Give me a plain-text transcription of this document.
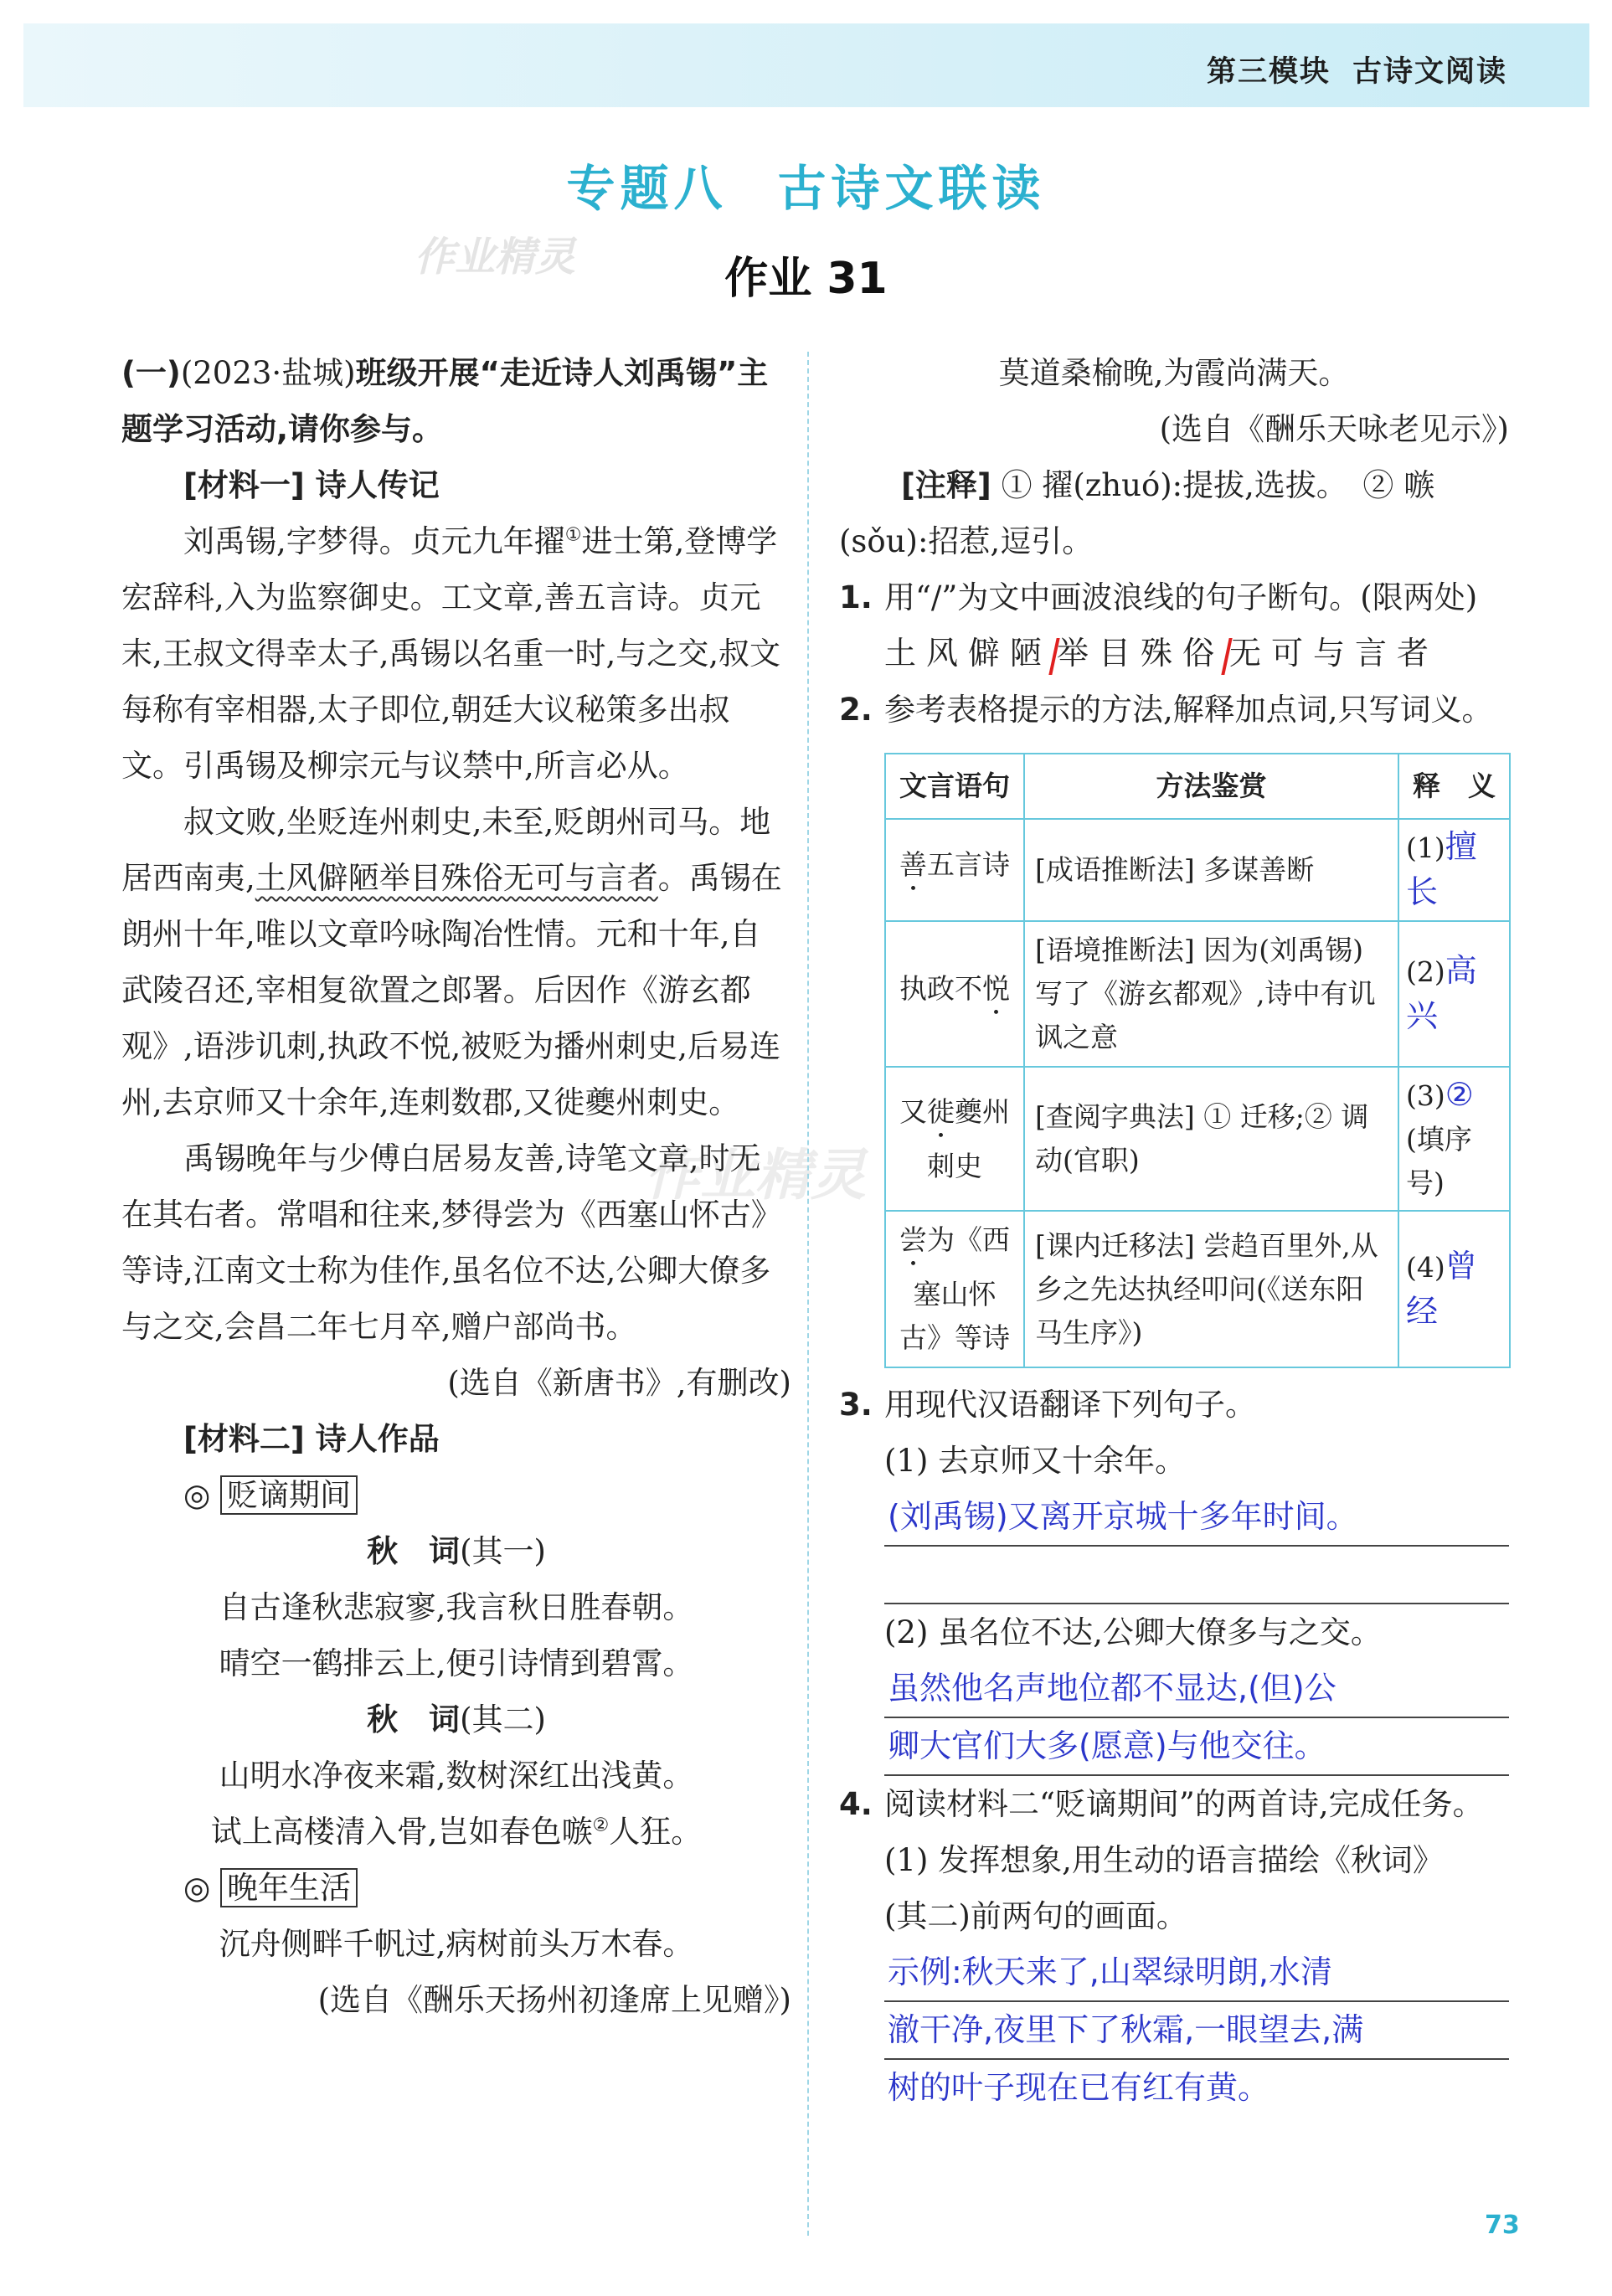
第三模块 古诗文阅读
专题八 古诗文联读
作业 31
作业精灵
作业精灵

(一)(2023·盐城)班级开展“走近诗人刘禹锡”主题学习活动,请你参与。

[材料一] 诗人传记

刘禹锡,字梦得。贞元九年擢①进士第,登博学宏辞科,入为监察御史。工文章,善五言诗。贞元末,王叔文得幸太子,禹锡以名重一时,与之交,叔文每称有宰相器,太子即位,朝廷大议秘策多出叔文。引禹锡及柳宗元与议禁中,所言必从。

叔文败,坐贬连州刺史,未至,贬朗州司马。地居西南夷,土风僻陋举目殊俗无可与言者。禹锡在朗州十年,唯以文章吟咏陶冶性情。元和十年,自武陵召还,宰相复欲置之郎署。后因作《游玄都观》,语涉讥刺,执政不悦,被贬为播州刺史,后易连州,去京师又十余年,连刺数郡,又徙夔州刺史。

禹锡晚年与少傅白居易友善,诗笔文章,时无在其右者。常唱和往来,梦得尝为《西塞山怀古》等诗,江南文士称为佳作,虽名位不达,公卿大僚多与之交,会昌二年七月卒,赠户部尚书。

(选自《新唐书》,有删改)

[材料二] 诗人作品

◎ 贬谪期间

秋　词(其一)

自古逢秋悲寂寥,我言秋日胜春朝。

晴空一鹤排云上,便引诗情到碧霄。

秋　词(其二)

山明水净夜来霜,数树深红出浅黄。

试上高楼清入骨,岂如春色嗾②人狂。

◎ 晚年生活

沉舟侧畔千帆过,病树前头万木春。

(选自《酬乐天扬州初逢席上见赠》)

莫道桑榆晚,为霞尚满天。

(选自《酬乐天咏老见示》)

[注释] ① 擢(zhuó):提拔,选拔。　② 嗾(sǒu):招惹,逗引。

1. 用“/”为文中画波浪线的句子断句。(限两处)

土风僻陋 举目殊俗 无可与言者

2. 参考表格提示的方法,解释加点词,只写词义。

文言语句	方法鉴赏	释　义
善五言诗	[成语推断法] 多谋善断	(1)擅长
执政不悦	[语境推断法] 因为(刘禹锡)写了《游玄都观》,诗中有讥讽之意	(2)高兴
又徙夔州刺史	[查阅字典法] ① 迁移;② 调动(官职)	(3)②
(填序号)
尝为《西塞山怀古》等诗	[课内迁移法] 尝趋百里外,从乡之先达执经叩问(《送东阳马生序》)	(4)曾经

3. 用现代汉语翻译下列句子。

(1) 去京师又十余年。

(刘禹锡)又离开京城十多年时间。

(2) 虽名位不达,公卿大僚多与之交。

虽然他名声地位都不显达,(但)公
卿大官们大多(愿意)与他交往。

4. 阅读材料二“贬谪期间”的两首诗,完成任务。

(1) 发挥想象,用生动的语言描绘《秋词》

(其二)前两句的画面。

示例:秋天来了,山翠绿明朗,水清
澈干净,夜里下了秋霜,一眼望去,满
树的叶子现在已有红有黄。
73
